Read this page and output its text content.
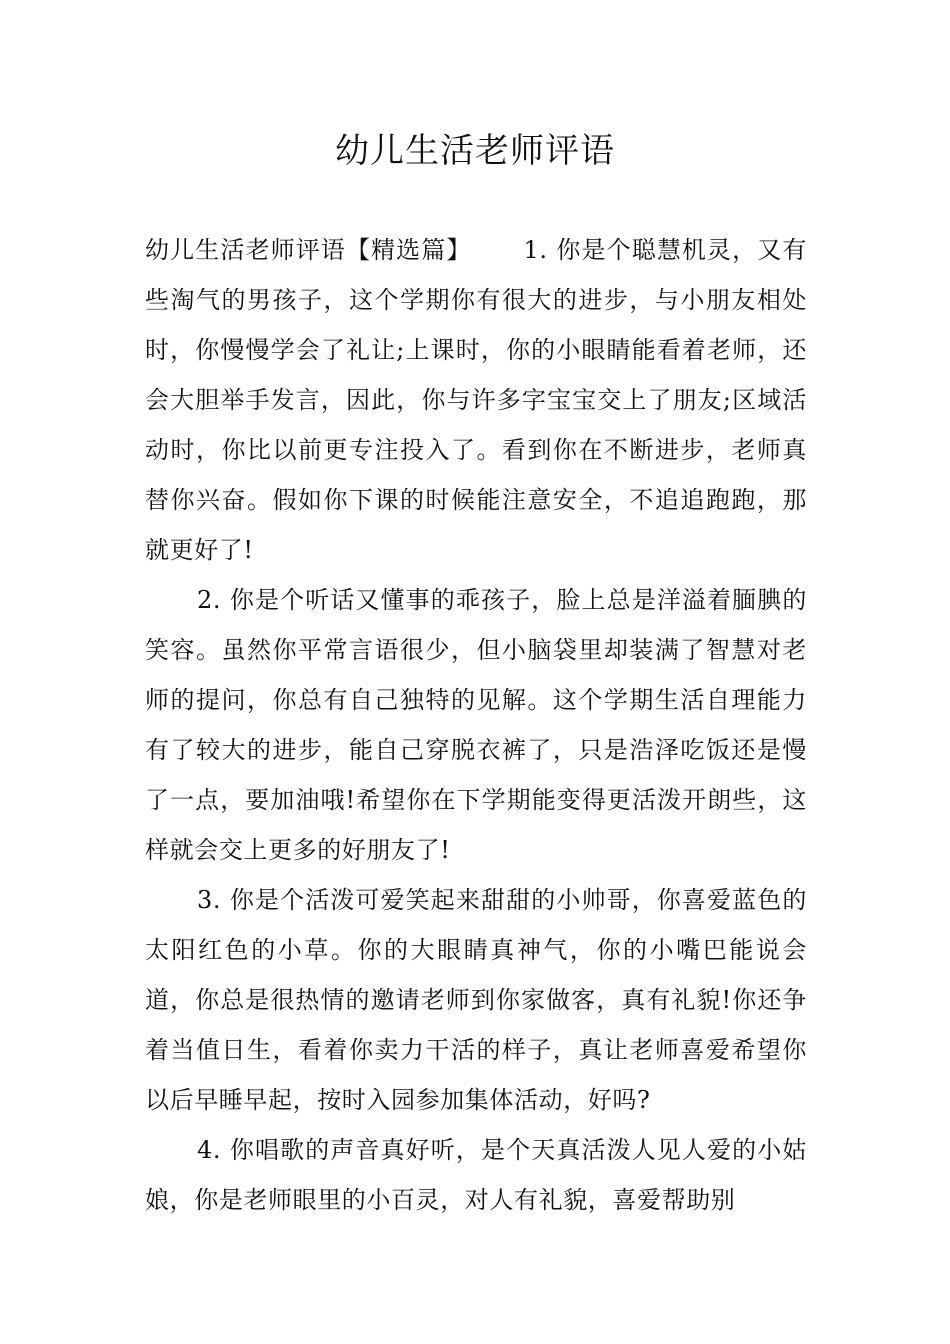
幼儿生活老师评语

幼儿生活老师评语【精选篇】 1. 你是个聪慧机灵，又有些淘气的男孩子，这个学期你有很大的进步，与小朋友相处时，你慢慢学会了礼让;上课时，你的小眼睛能看着老师，还会大胆举手发言，因此，你与许多字宝宝交上了朋友;区域活动时，你比以前更专注投入了。看到你在不断进步，老师真替你兴奋。假如你下课的时候能注意安全，不追追跑跑，那就更好了!

2. 你是个听话又懂事的乖孩子，脸上总是洋溢着腼腆的笑容。虽然你平常言语很少，但小脑袋里却装满了智慧对老师的提问，你总有自己独特的见解。这个学期生活自理能力有了较大的进步，能自己穿脱衣裤了，只是浩泽吃饭还是慢了一点，要加油哦!希望你在下学期能变得更活泼开朗些，这样就会交上更多的好朋友了!

3. 你是个活泼可爱笑起来甜甜的小帅哥，你喜爱蓝色的太阳红色的小草。你的大眼睛真神气，你的小嘴巴能说会道，你总是很热情的邀请老师到你家做客，真有礼貌!你还争着当值日生，看着你卖力干活的样子，真让老师喜爱希望你以后早睡早起，按时入园参加集体活动，好吗?

4. 你唱歌的声音真好听，是个天真活泼人见人爱的小姑娘，你是老师眼里的小百灵，对人有礼貌，喜爱帮助别
